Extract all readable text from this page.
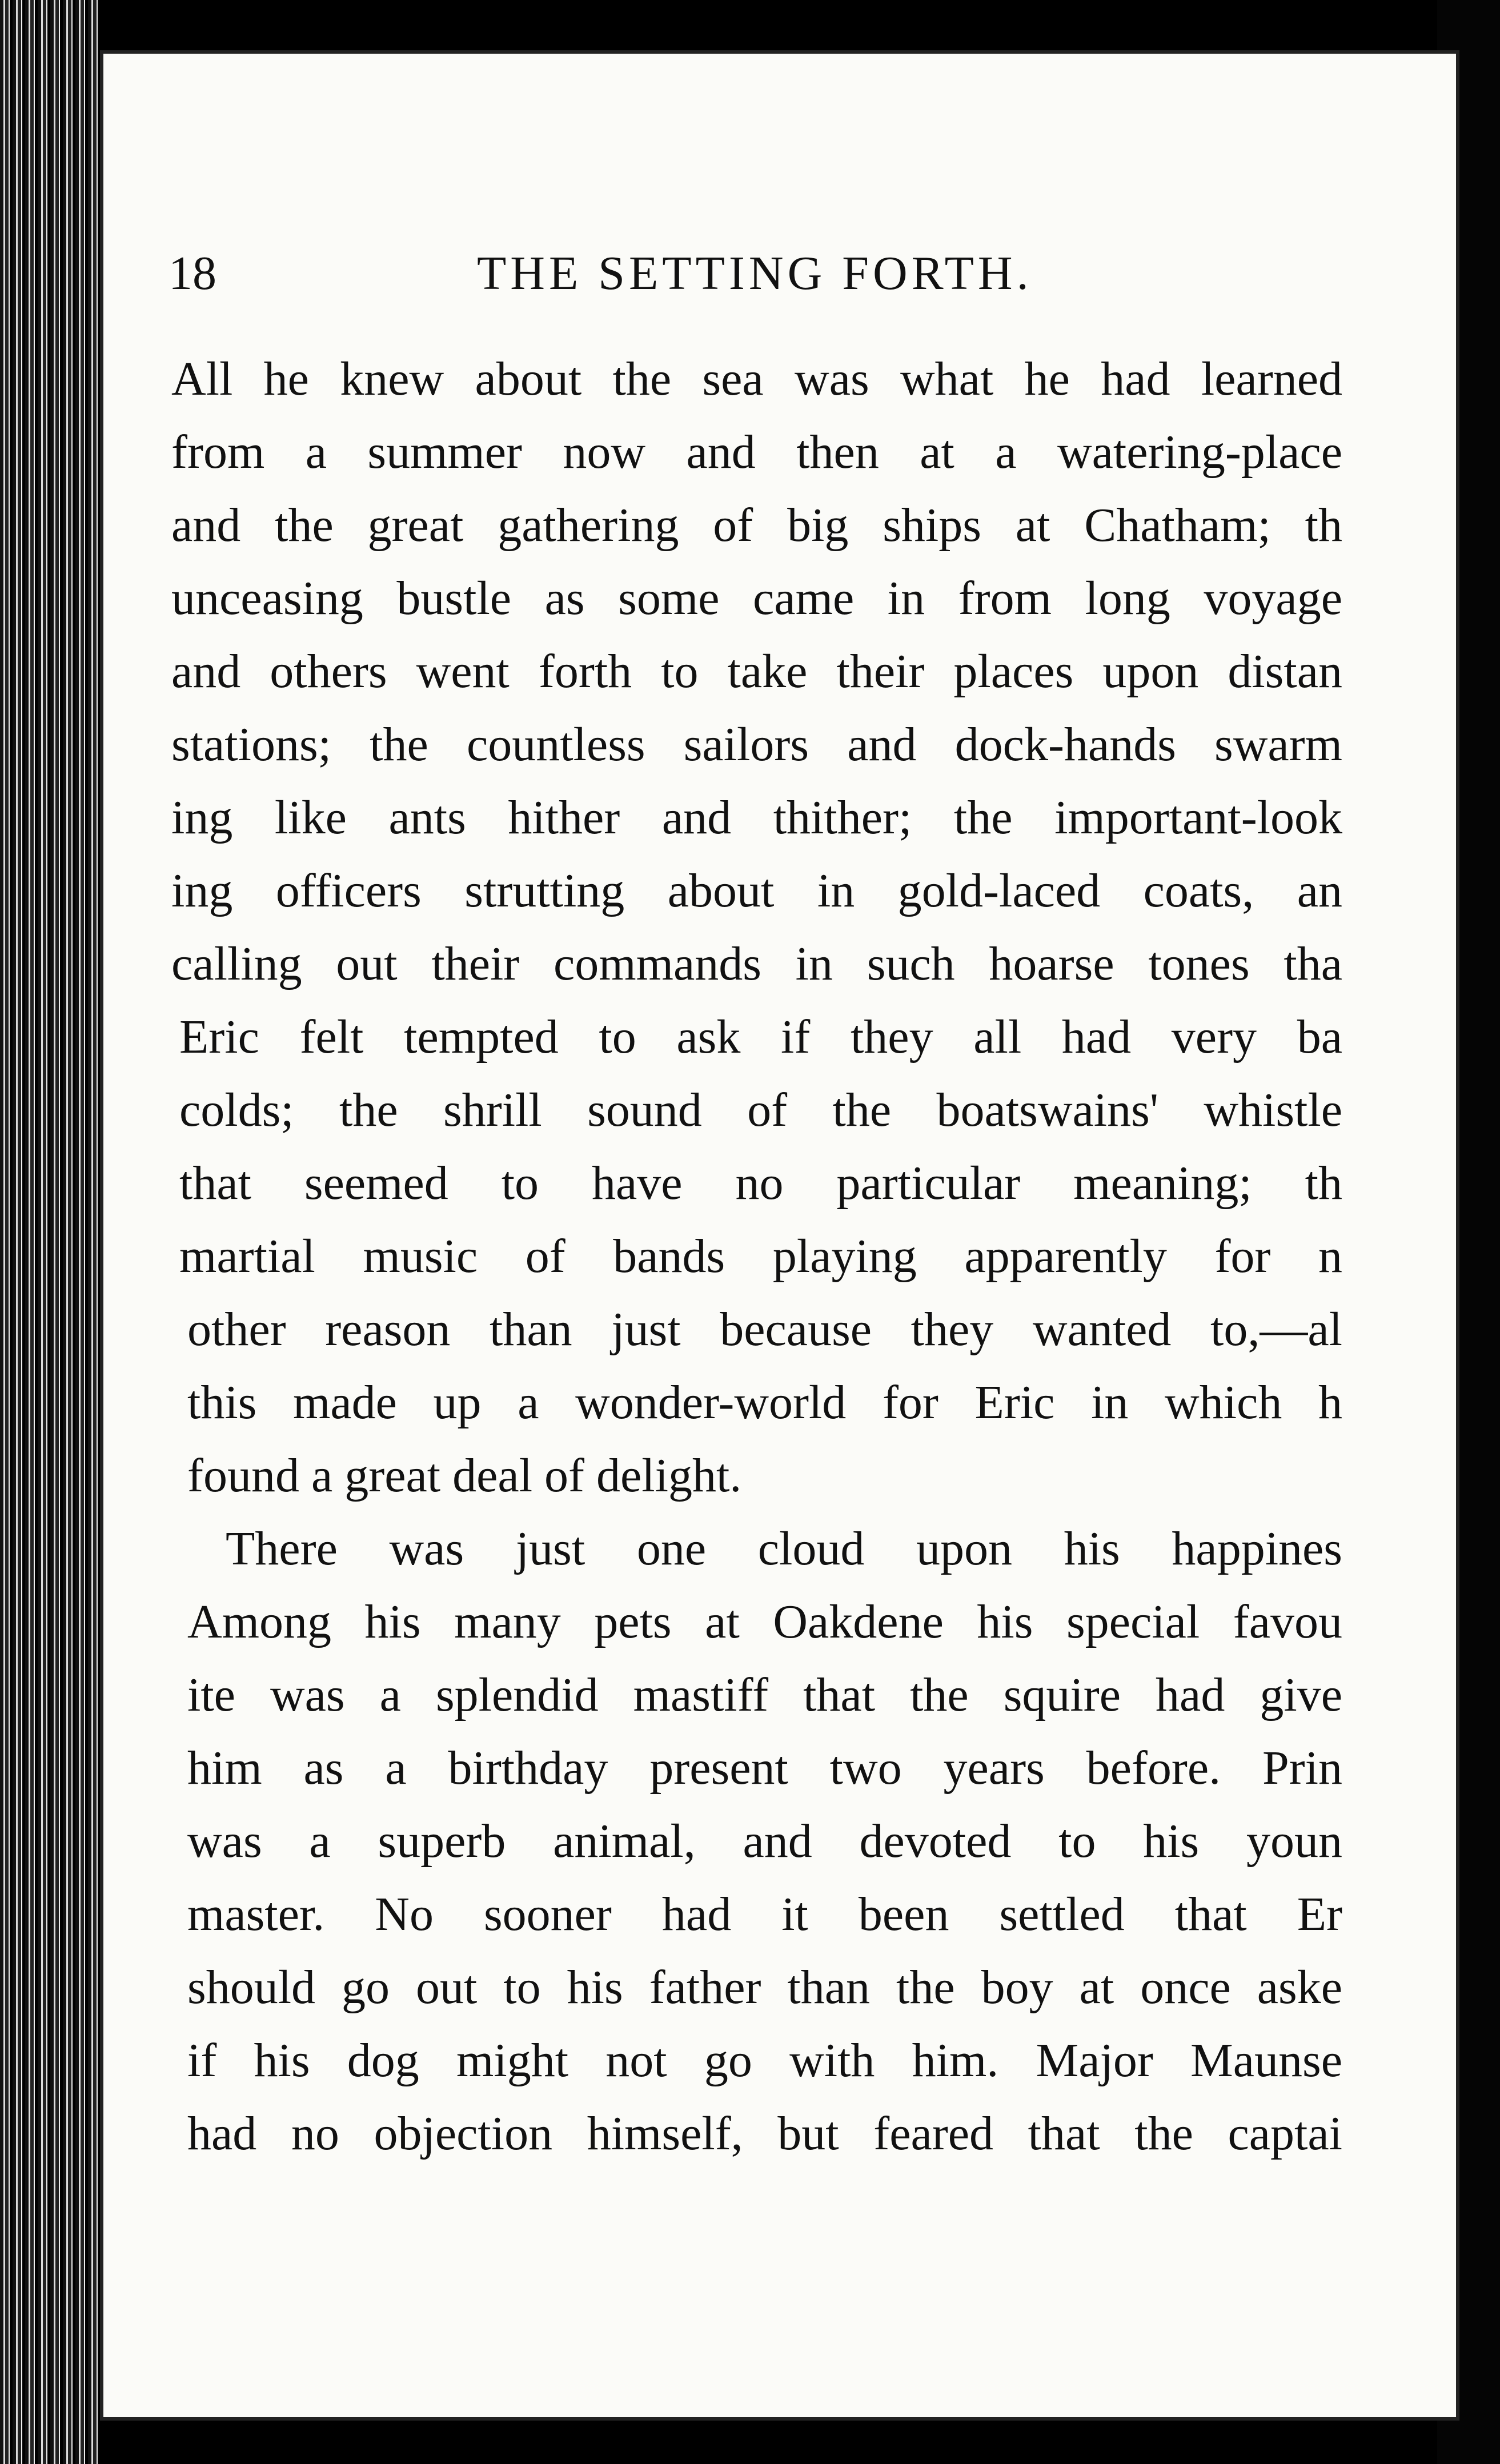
18	THE SETTING FORTH.
All he knew about the sea was what he had learned
from a summer now and then at a watering-place
and the great gathering of big ships at Chatham; th
unceasing bustle as some came in from long voyage
and others went forth to take their places upon distan
stations; the countless sailors and dock-hands swarm
ing like ants hither and thither; the important-look
ing officers strutting about in gold-laced coats, an
calling out their commands in such hoarse tones tha
Eric felt tempted to ask if they all had very ba
colds; the shrill sound of the boatswains' whistle
that seemed to have no particular meaning; th
martial music of bands playing apparently for n
other reason than just because they wanted to,—al
this made up a wonder-world for Eric in which h
found a great deal of delight.
There was just one cloud upon his happines
Among his many pets at Oakdene his special favou
ite was a splendid mastiff that the squire had give
him as a birthday present two years before. Prin
was a superb animal, and devoted to his youn
master. No sooner had it been settled that Er
should go out to his father than the boy at once aske
if his dog might not go with him. Major Maunse
had no objection himself, but feared that the captai
